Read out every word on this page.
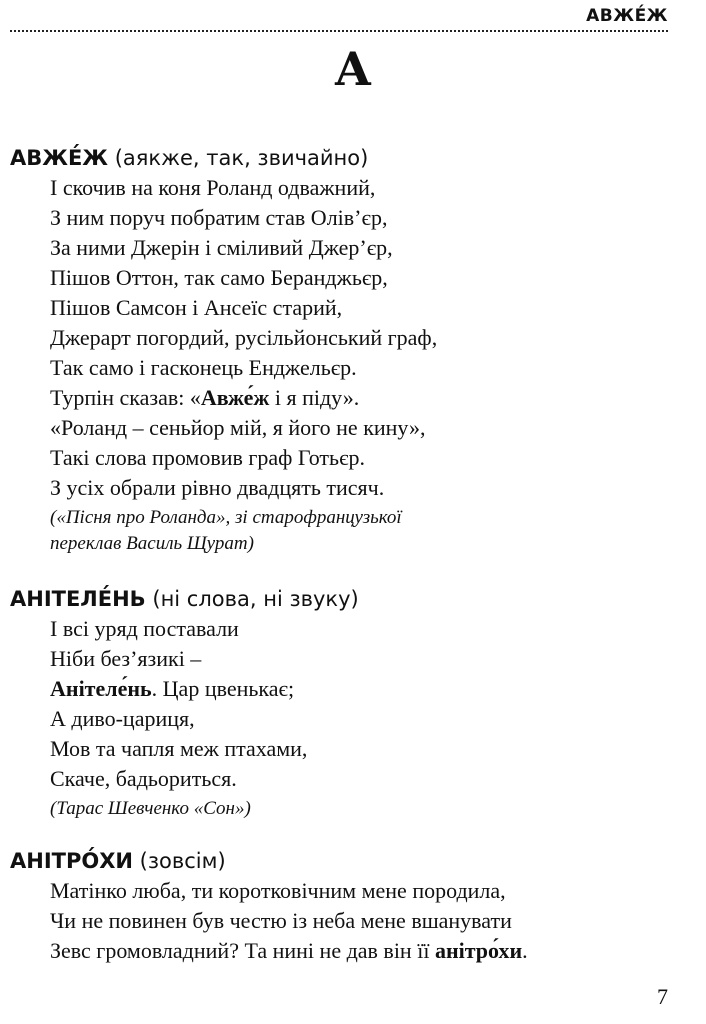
АВЖЕ́Ж
А
АВЖЕ́Ж (аякже, так, звичайно)
І скочив на коня Роланд одважний,
З ним поруч побратим став Олів’єр,
За ними Джерін і сміливий Джер’єр,
Пішов Оттон, так само Беранджьєр,
Пішов Самсон і Ансеїс старий,
Джерарт погордий, русільйонський граф,
Так само і гасконець Енджельєр.
Турпін сказав: «Авже́ж і я піду».
«Роланд – сеньйор мій, я його не кину»,
Такі слова промовив граф Готьєр.
З усіх обрали рівно двадцять тисяч.
(«Пісня про Роланда», зі старофранцузької
переклав Василь Щурат)
АНІТЕЛЕ́НЬ (ні слова, ні звуку)
І всі уряд поставали
Ніби без’язикі –
Анітеле́нь. Цар цвенькає;
А диво-цариця,
Мов та чапля меж птахами,
Скаче, бадьориться.
(Тарас Шевченко «Сон»)
АНІТРО́ХИ (зовсім)
Матінко люба, ти коротковічним мене породила,
Чи не повинен був честю із неба мене вшанувати
Зевс громовладний? Та нині не дав він її анітро́хи.
7
